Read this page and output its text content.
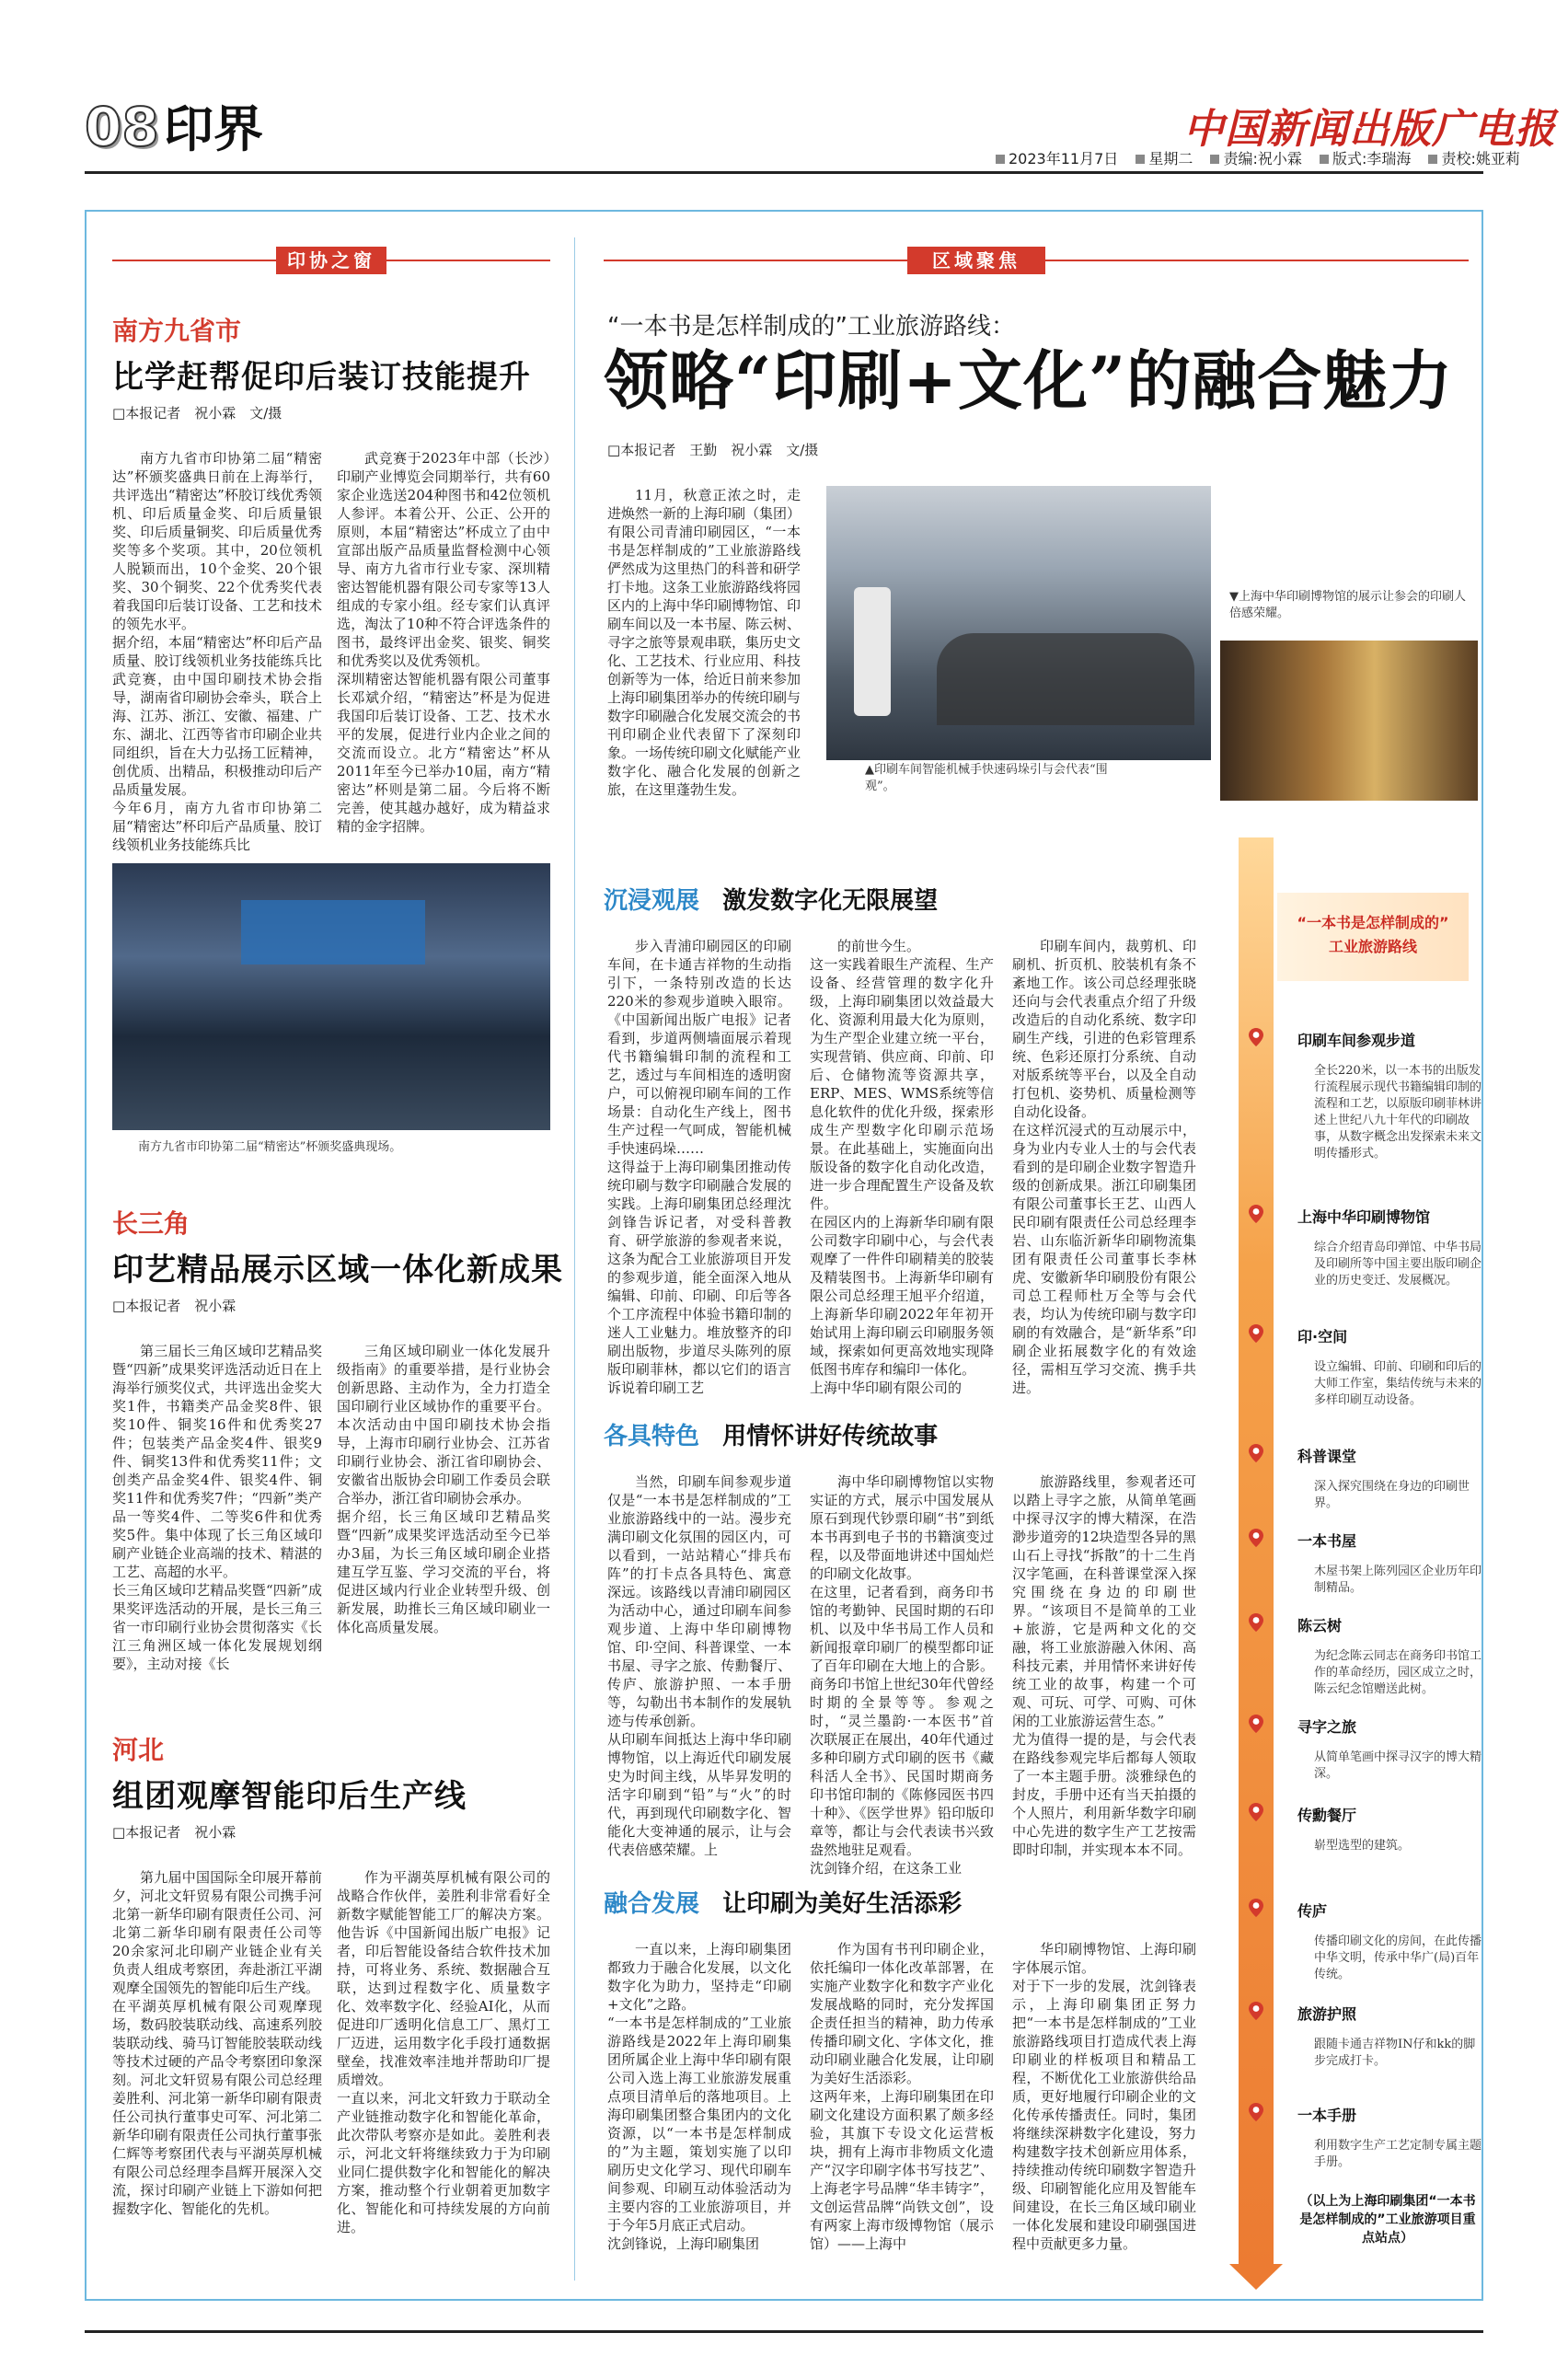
08 印界	中国新闻出版广电报
2023年11月7日 星期二 责编:祝小霖 版式:李瑞海 责校:姚亚莉
印协之窗
南方九省市
比学赶帮促印后装订技能提升
□本报记者　祝小霖　文/摄
南方九省市印协第二届“精密达”杯颁奖盛典日前在上海举行，共评选出“精密达”杯胶订线优秀领机、印后质量金奖、印后质量银奖、印后质量铜奖、印后质量优秀奖等多个奖项。其中，20位领机人脱颖而出，10个金奖、20个银奖、30个铜奖、22个优秀奖代表着我国印后装订设备、工艺和技术的领先水平。
据介绍，本届“精密达”杯印后产品质量、胶订线领机业务技能练兵比武竞赛，由中国印刷技术协会指导，湖南省印刷协会牵头，联合上海、江苏、浙江、安徽、福建、广东、湖北、江西等省市印刷企业共同组织，旨在大力弘扬工匠精神，创优质、出精品，积极推动印后产品质量发展。
今年6月，南方九省市印协第二届“精密达”杯印后产品质量、胶订线领机业务技能练兵比
武竞赛于2023年中部（长沙）印刷产业博览会同期举行，共有60家企业选送204种图书和42位领机人参评。本着公开、公正、公开的原则，本届“精密达”杯成立了由中宣部出版产品质量监督检测中心领导、南方九省市行业专家、深圳精密达智能机器有限公司专家等13人组成的专家小组。经专家们认真评选，淘汰了10种不符合评选条件的图书，最终评出金奖、银奖、铜奖和优秀奖以及优秀领机。
深圳精密达智能机器有限公司董事长邓斌介绍，“精密达”杯是为促进我国印后装订设备、工艺、技术水平的发展，促进行业内企业之间的交流而设立。北方“精密达”杯从2011年至今已举办10届，南方“精密达”杯则是第二届。今后将不断完善，使其越办越好，成为精益求精的金字招牌。
南方九省市印协第二届“精密达”杯颁奖盛典现场。
长三角
印艺精品展示区域一体化新成果
□本报记者　祝小霖
第三届长三角区域印艺精品奖暨“四新”成果奖评选活动近日在上海举行颁奖仪式，共评选出金奖大奖1件，书籍类产品金奖8件、银奖10件、铜奖16件和优秀奖27件；包装类产品金奖4件、银奖9件、铜奖13件和优秀奖11件；文创类产品金奖4件、银奖4件、铜奖11件和优秀奖7件；“四新”类产品一等奖4件、二等奖6件和优秀奖5件。集中体现了长三角区域印刷产业链企业高端的技术、精湛的工艺、高超的水平。
长三角区域印艺精品奖暨“四新”成果奖评选活动的开展，是长三角三省一市印刷行业协会贯彻落实《长江三角洲区域一体化发展规划纲要》，主动对接《长
三角区域印刷业一体化发展升级指南》的重要举措，是行业协会创新思路、主动作为，全力打造全国印刷行业区域协作的重要平台。本次活动由中国印刷技术协会指导，上海市印刷行业协会、江苏省印刷行业协会、浙江省印刷协会、安徽省出版协会印刷工作委员会联合举办，浙江省印刷协会承办。
据介绍，长三角区域印艺精品奖暨“四新”成果奖评选活动至今已举办3届，为长三角区域印刷企业搭建互学互鉴、学习交流的平台，将促进区域内行业企业转型升级、创新发展，助推长三角区域印刷业一体化高质量发展。
河北
组团观摩智能印后生产线
□本报记者　祝小霖
第九届中国国际全印展开幕前夕，河北文轩贸易有限公司携手河北第一新华印刷有限责任公司、河北第二新华印刷有限责任公司等20余家河北印刷产业链企业有关负责人组成考察团，奔赴浙江平湖观摩全国领先的智能印后生产线。
在平湖英厚机械有限公司观摩现场，数码胶装联动线、高速系列胶装联动线、骑马订智能胶装联动线等技术过硬的产品令考察团印象深刻。河北文轩贸易有限公司总经理姜胜利、河北第一新华印刷有限责任公司执行董事史可军、河北第二新华印刷有限责任公司执行董事张仁辉等考察团代表与平湖英厚机械有限公司总经理李昌辉开展深入交流，探讨印刷产业链上下游如何把握数字化、智能化的先机。
作为平湖英厚机械有限公司的战略合作伙伴，姜胜利非常看好全新数字赋能智能工厂的解决方案。他告诉《中国新闻出版广电报》记者，印后智能设备结合软件技术加持，可将业务、系统、数据融合互联，达到过程数字化、质量数字化、效率数字化、经验AI化，从而促进印厂透明化信息工厂、黑灯工厂迈进，运用数字化手段打通数据壁垒，找准效率洼地并帮助印厂提质增效。
一直以来，河北文轩致力于联动全产业链推动数字化和智能化革命，此次带队考察亦是如此。姜胜利表示，河北文轩将继续致力于为印刷业同仁提供数字化和智能化的解决方案，推动整个行业朝着更加数字化、智能化和可持续发展的方向前进。
区域聚焦
“一本书是怎样制成的”工业旅游路线：
领略“印刷+文化”的融合魅力
□本报记者　王勤　祝小霖　文/摄
11月，秋意正浓之时，走进焕然一新的上海印刷（集团）有限公司青浦印刷园区，“一本书是怎样制成的”工业旅游路线俨然成为这里热门的科普和研学打卡地。这条工业旅游路线将园区内的上海中华印刷博物馆、印刷车间以及一本书屋、陈云树、寻字之旅等景观串联，集历史文化、工艺技术、行业应用、科技创新等为一体，给近日前来参加上海印刷集团举办的传统印刷与数字印刷融合化发展交流会的书刊印刷企业代表留下了深刻印象。一场传统印刷文化赋能产业数字化、融合化发展的创新之旅，在这里蓬勃生发。
▲印刷车间智能机械手快速码垛引与会代表“围观”。
▼上海中华印刷博物馆的展示让参会的印刷人倍感荣耀。
沉浸观展 激发数字化无限展望
步入青浦印刷园区的印刷车间，在卡通吉祥物的生动指引下，一条特别改造的长达220米的参观步道映入眼帘。《中国新闻出版广电报》记者看到，步道两侧墙面展示着现代书籍编辑印制的流程和工艺，透过与车间相连的透明窗户，可以俯视印刷车间的工作场景：自动化生产线上，图书生产过程一气呵成，智能机械手快速码垛……
这得益于上海印刷集团推动传统印刷与数字印刷融合发展的实践。上海印刷集团总经理沈剑锋告诉记者，对受科普教育、研学旅游的参观者来说，这条为配合工业旅游项目开发的参观步道，能全面深入地从编辑、印前、印刷、印后等各个工序流程中体验书籍印制的迷人工业魅力。堆放整齐的印刷出版物，步道尽头陈列的原版印刷菲林，都以它们的语言诉说着印刷工艺
的前世今生。
这一实践着眼生产流程、生产设备、经营管理的数字化升级，上海印刷集团以效益最大化、资源利用最大化为原则，为生产型企业建立统一平台，实现营销、供应商、印前、印后、仓储物流等资源共享，ERP、MES、WMS系统等信息化软件的优化升级，探索形成生产型数字化印刷示范场景。在此基础上，实施面向出版设备的数字化自动化改造，进一步合理配置生产设备及软件。
在园区内的上海新华印刷有限公司数字印刷中心，与会代表观摩了一件件印刷精美的胶装及精装图书。上海新华印刷有限公司总经理王旭平介绍道，上海新华印刷2022年年初开始试用上海印刷云印刷服务领域，探索如何更高效地实现降低图书库存和编印一体化。
上海中华印刷有限公司的
印刷车间内，裁剪机、印刷机、折页机、胶装机有条不紊地工作。该公司总经理张晓还向与会代表重点介绍了升级改造后的自动化系统、数字印刷生产线，引进的色彩管理系统、色彩还原打分系统、自动对版系统等平台，以及全自动打包机、姿势机、质量检测等自动化设备。
在这样沉浸式的互动展示中，身为业内专业人士的与会代表看到的是印刷企业数字智造升级的创新成果。浙江印刷集团有限公司董事长王艺、山西人民印刷有限责任公司总经理李岩、山东临沂新华印刷物流集团有限责任公司董事长李林虎、安徽新华印刷股份有限公司总工程师杜万全等与会代表，均认为传统印刷与数字印刷的有效融合，是“新华系”印刷企业拓展数字化的有效途径，需相互学习交流、携手共进。
各具特色 用情怀讲好传统故事
当然，印刷车间参观步道仅是“一本书是怎样制成的”工业旅游路线中的一站。漫步充满印刷文化氛围的园区内，可以看到，一站站精心“排兵布阵”的打卡点各具特色、寓意深远。该路线以青浦印刷园区为活动中心，通过印刷车间参观步道、上海中华印刷博物馆、印·空间、科普课堂、一本书屋、寻字之旅、传勳餐厅、传庐、旅游护照、一本手册等，勾勒出书本制作的发展轨迹与传承创新。
从印刷车间抵达上海中华印刷博物馆，以上海近代印刷发展史为时间主线，从毕昇发明的活字印刷到“铅”与“火”的时代，再到现代印刷数字化、智能化大变神通的展示，让与会代表倍感荣耀。上
海中华印刷博物馆以实物实证的方式，展示中国发展从原石到现代钞票印刷“书”到纸本书再到电子书的书籍演变过程，以及带面地讲述中国灿烂的印刷文化故事。
在这里，记者看到，商务印书馆的考勤钟、民国时期的石印机、以及中华书局工作人员和新闻报章印刷厂的模型都印证了百年印刷在大地上的合影。商务印书馆上世纪30年代曾经时期的全景等等。参观之时，“灵兰墨韵·一本医书”首次联展正在展出，40年代通过多种印刷方式印刷的医书《藏科活人全书》、民国时期商务印书馆印制的《陈修园医书四十种》、《医学世界》铅印版印章等，都让与会代表读书兴致盎然地驻足观看。
沈剑锋介绍，在这条工业
旅游路线里，参观者还可以踏上寻字之旅，从简单笔画中探寻汉字的博大精深，在浩渺步道旁的12块造型各异的黑山石上寻找“拆散”的十二生肖汉字笔画，在科普课堂深入探究围绕在身边的印刷世界。“该项目不是简单的工业+旅游，它是两种文化的交融，将工业旅游融入休闲、高科技元素，并用情怀来讲好传统工业的故事，构建一个可观、可玩、可学、可购、可休闲的工业旅游运营生态。”
尤为值得一提的是，与会代表在路线参观完毕后都每人领取了一本主题手册。淡雅绿色的封皮，手册中还有当天拍摄的个人照片，利用新华数字印刷中心先进的数字生产工艺按需即时印制，并实现本本不同。
融合发展 让印刷为美好生活添彩
一直以来，上海印刷集团都致力于融合化发展，以文化数字化为助力，坚持走“印刷+文化”之路。
“一本书是怎样制成的”工业旅游路线是2022年上海印刷集团所属企业上海中华印刷有限公司入选上海工业旅游发展重点项目清单后的落地项目。上海印刷集团整合集团内的文化资源，以“一本书是怎样制成的”为主题，策划实施了以印刷历史文化学习、现代印刷车间参观、印刷互动体验活动为主要内容的工业旅游项目，并于今年5月底正式启动。
沈剑锋说，上海印刷集团
作为国有书刊印刷企业，依托编印一体化改革部署，在实施产业数字化和数字产业化发展战略的同时，充分发挥国企责任担当的精神，助力传承传播印刷文化、字体文化，推动印刷业融合化发展，让印刷为美好生活添彩。
这两年来，上海印刷集团在印刷文化建设方面积累了颇多经验，其旗下专设文化运营板块，拥有上海市非物质文化遗产“汉字印刷字体书写技艺”、上海老字号品牌“华丰铸字”，文创运营品牌“尚铁文创”，设有两家上海市级博物馆（展示馆）——上海中
华印刷博物馆、上海印刷字体展示馆。
对于下一步的发展，沈剑锋表示，上海印刷集团正努力把“一本书是怎样制成的”工业旅游路线项目打造成代表上海印刷业的样板项目和精品工程，不断优化工业旅游供给品质，更好地履行印刷企业的文化传承传播责任。同时，集团将继续深耕数字化建设，努力构建数字技术创新应用体系，持续推动传统印刷数字智造升级、印刷智能化应用及智能车间建设，在长三角区域印刷业一体化发展和建设印刷强国进程中贡献更多力量。
“一本书是怎样制成的”
工业旅游路线
印刷车间参观步道
全长220米，以一本书的出版发行流程展示现代书籍编辑印制的流程和工艺，以原版印刷菲林讲述上世纪八九十年代的印刷故事，从数字概念出发探索未来文明传播形式。
上海中华印刷博物馆
综合介绍青岛印弹馆、中华书局及印刷所等中国主要出版印刷企业的历史变迁、发展概况。
印·空间
设立编辑、印前、印刷和印后的大师工作室，集结传统与未来的多样印刷互动设备。
科普课堂
深入探究围绕在身边的印刷世界。
一本书屋
木屋书架上陈列园区企业历年印制精品。
陈云树
为纪念陈云同志在商务印书馆工作的革命经历，园区成立之时，陈云纪念馆赠送此树。
寻字之旅
从简单笔画中探寻汉字的博大精深。
传勳餐厅
崭型选型的建筑。
传庐
传播印刷文化的房间，在此传播中华文明，传承中华广(局)百年传统。
旅游护照
跟随卡通吉祥物IN仔和kk的脚步完成打卡。
一本手册
利用数字生产工艺定制专属主题手册。
（以上为上海印刷集团“一本书是怎样制成的”工业旅游项目重点站点）
